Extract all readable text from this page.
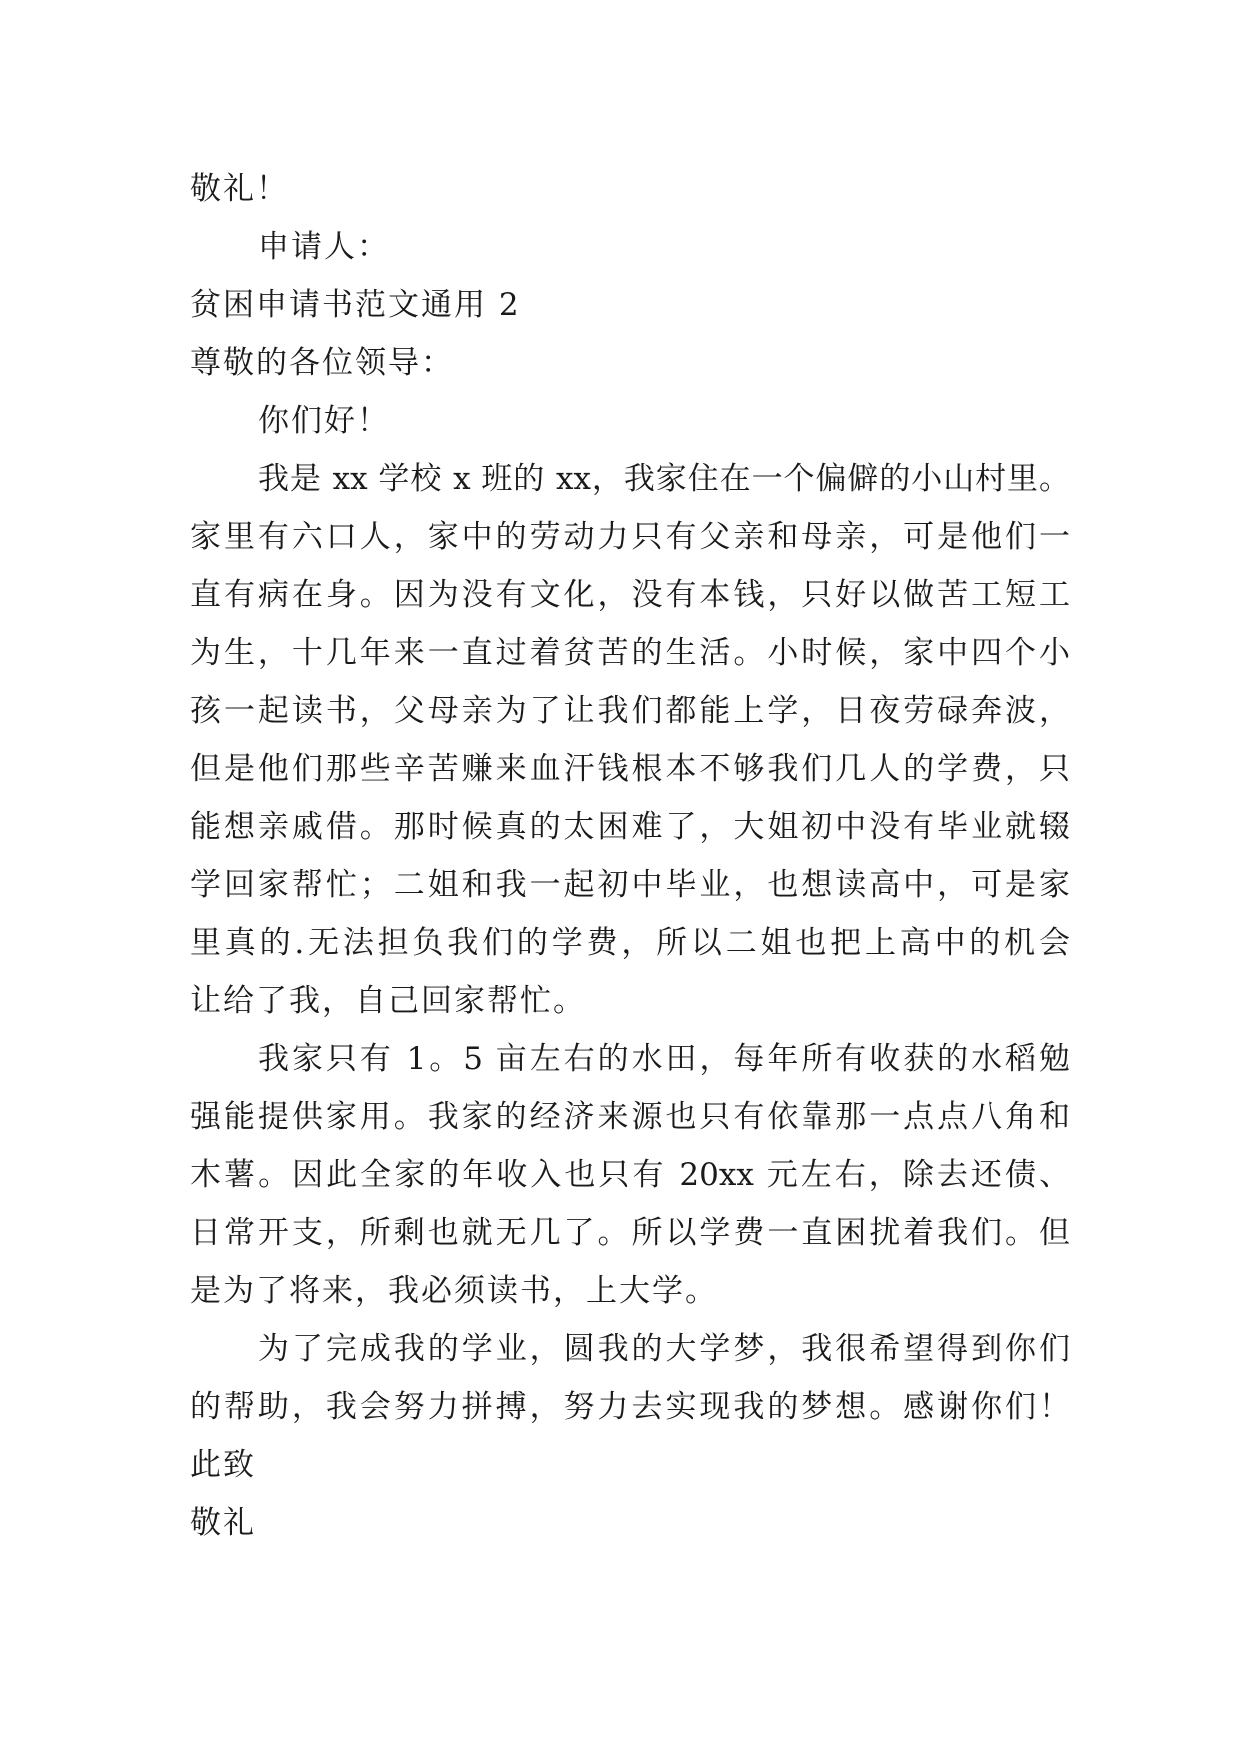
敬礼！
申请人：
贫困申请书范文通用 2
尊敬的各位领导：
你们好！
我是 xx 学校 x 班的 xx，我家住在一个偏僻的小山村里。
家里有六口人，家中的劳动力只有父亲和母亲，可是他们一
直有病在身。因为没有文化，没有本钱，只好以做苦工短工
为生，十几年来一直过着贫苦的生活。小时候，家中四个小
孩一起读书，父母亲为了让我们都能上学，日夜劳碌奔波，
但是他们那些辛苦赚来血汗钱根本不够我们几人的学费，只
能想亲戚借。那时候真的太困难了，大姐初中没有毕业就辍
学回家帮忙；二姐和我一起初中毕业，也想读高中，可是家
里真的.无法担负我们的学费，所以二姐也把上高中的机会
让给了我，自己回家帮忙。
我家只有 1。5 亩左右的水田，每年所有收获的水稻勉
强能提供家用。我家的经济来源也只有依靠那一点点八角和
木薯。因此全家的年收入也只有 20xx 元左右，除去还债、
日常开支，所剩也就无几了。所以学费一直困扰着我们。但
是为了将来，我必须读书，上大学。
为了完成我的学业，圆我的大学梦，我很希望得到你们
的帮助，我会努力拼搏，努力去实现我的梦想。感谢你们！
此致
敬礼
